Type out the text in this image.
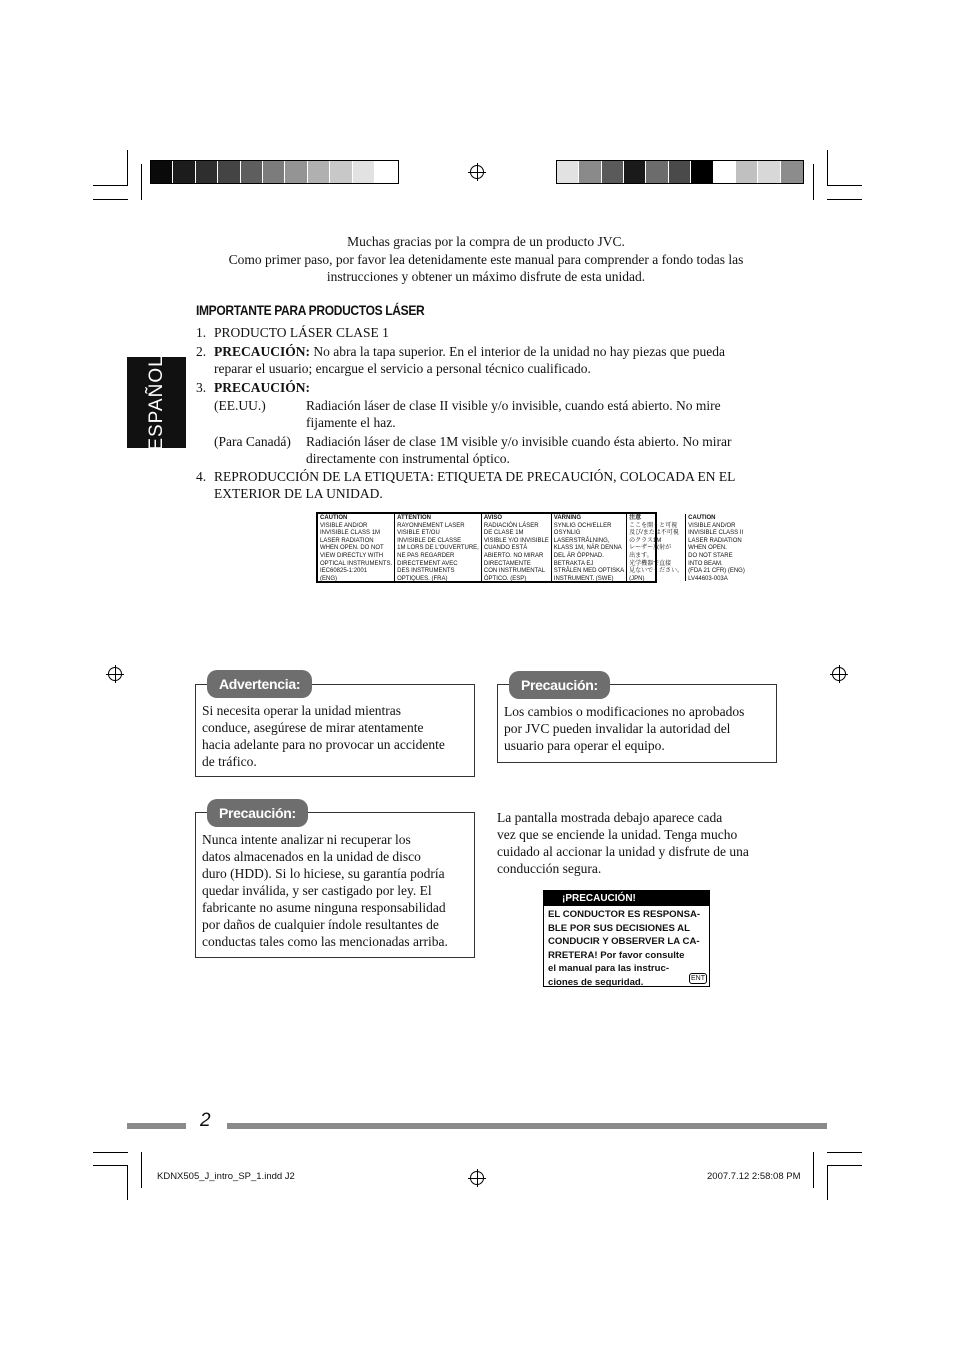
Muchas gracias por la compra de un producto JVC.
Como primer paso, por favor lea detenidamente este manual para comprender a fondo todas las
instrucciones y obtener un máximo disfrute de esta unidad.
ESPAÑOL
IMPORTANTE PARA PRODUCTOS LÁSER
1. PRODUCTO LÁSER CLASE 1
2. PRECAUCIÓN: No abra la tapa superior. En el interior de la unidad no hay piezas que pueda
reparar el usuario; encargue el servicio a personal técnico cualificado.
3. PRECAUCIÓN:
(EE.UU.)	Radiación láser de clase II visible y/o invisible, cuando está abierto. No mire
fijamente el haz.
(Para Canadá) Radiación láser de clase 1M visible y/o invisible cuando ésta abierto. No mirar
directamente con instrumental óptico.
4. REPRODUCCIÓN DE LA ETIQUETA: ETIQUETA DE PRECAUCIÓN, COLOCADA EN EL
EXTERIOR DE LA UNIDAD.
CAUTION
VISIBLE AND/OR
INVISIBLE CLASS 1M
LASER RADIATION
WHEN OPEN. DO NOT
VIEW DIRECTLY WITH
OPTICAL INSTRUMENTS.
IEC60825-1:2001
(ENG)
ATTENTION
RAYONNEMENT LASER
VISIBLE ET/OU
INVISIBLE DE CLASSE
1M LORS DE L'OUVERTURE,
NE PAS REGARDER
DIRECTEMENT AVEC
DES INSTRUMENTS
OPTIQUES. (FRA)
AVISO
RADIACIÓN LÁSER
DE CLASE 1M
VISIBLE Y/O INVISIBLE
CUANDO ESTÁ
ABIERTO. NO MIRAR
DIRECTAMENTE
CON INSTRUMENTAL
ÓPTICO. (ESP)
VARNING
SYNLIG OCH/ELLER
OSYNLIG
LASERSTRÅLNING,
KLASS 1M, NÄR DENNA
DEL ÄR ÖPPNAD.
BETRAKTA EJ
STRÅLEN MED OPTISKA
INSTRUMENT. (SWE)
注意
ここを開くと可視
及び/または不可視
のクラス1M
レーザー放射が
出ます。
光学機器で直接
見ないでください。
(JPN)
CAUTION
VISIBLE AND/OR
INVISIBLE CLASS II
LASER RADIATION
WHEN OPEN.
DO NOT STARE
INTO BEAM.
(FDA 21 CFR) (ENG)
LV44603-003A
Advertencia:
Si necesita operar la unidad mientras
conduce, asegúrese de mirar atentamente
hacia adelante para no provocar un accidente
de tráfico.
Precaución:
Los cambios o modificaciones no aprobados
por JVC pueden invalidar la autoridad del
usuario para operar el equipo.
Precaución:
Nunca intente analizar ni recuperar los
datos almacenados en la unidad de disco
duro (HDD). Si lo hiciese, su garantía podría
quedar inválida, y ser castigado por ley. El
fabricante no asume ninguna responsabilidad
por daños de cualquier índole resultantes de
conductas tales como las mencionadas arriba.
La pantalla mostrada debajo aparece cada
vez que se enciende la unidad. Tenga mucho
cuidado al accionar la unidad y disfrute de una
conducción segura.
¡PRECAUCIÓN!
EL CONDUCTOR ES RESPONSA-
BLE POR SUS DECISIONES AL
CONDUCIR Y OBSERVER LA CA-
RRETERA! Por favor consulte
el manual para las instruc-
ciones de seguridad.	ENT
2
KDNX505_J_intro_SP_1.indd J2	2007.7.12 2:58:08 PM
